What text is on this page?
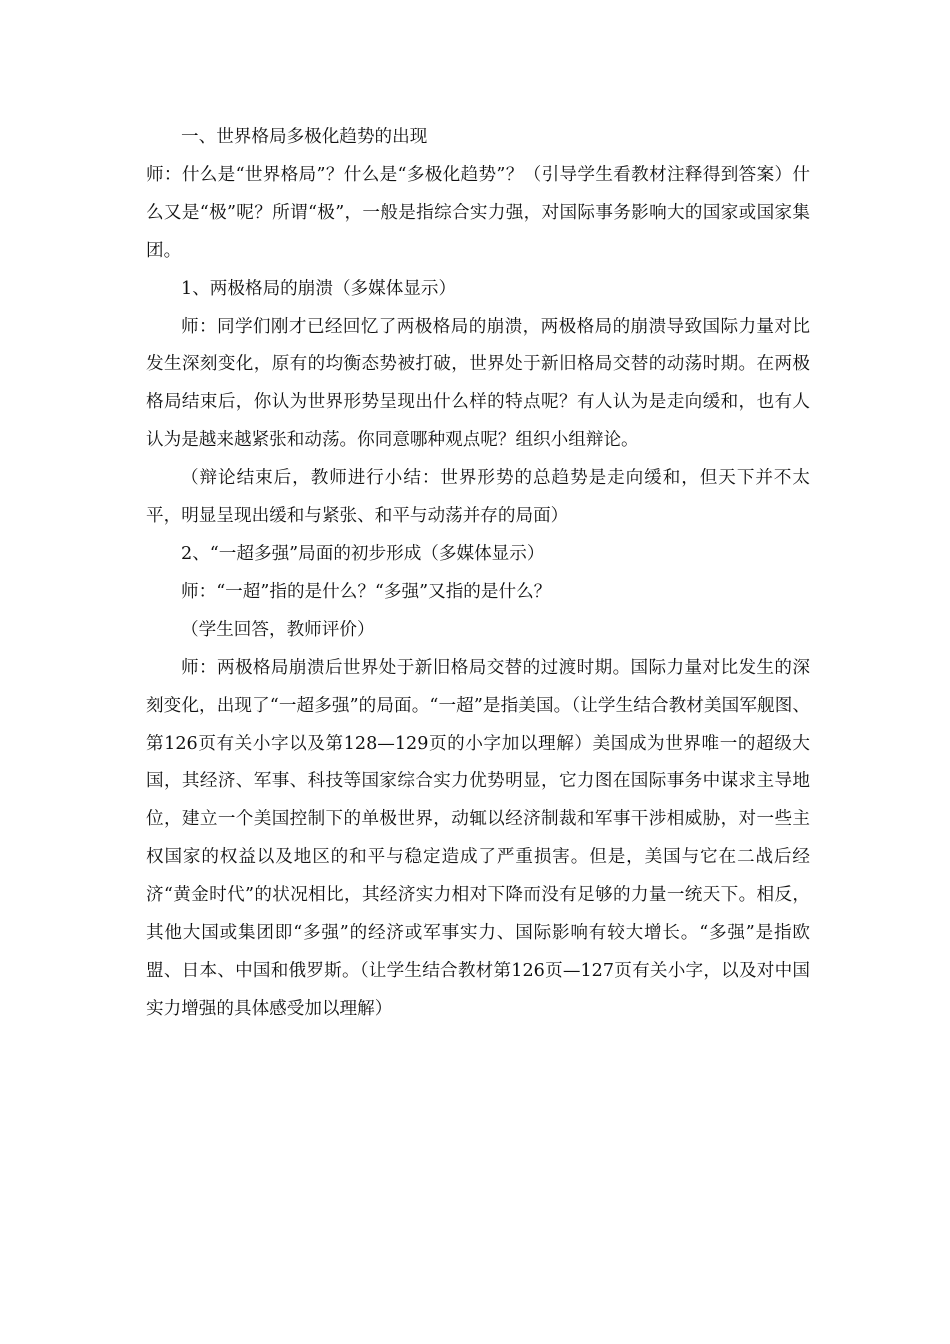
一、世界格局多极化趋势的出现

师：什么是“世界格局”？什么是“多极化趋势”？（引导学生看教材注释得到答案）什么又是“极”呢？所谓“极”，一般是指综合实力强，对国际事务影响大的国家或国家集团。

1、两极格局的崩溃（多媒体显示）

师：同学们刚才已经回忆了两极格局的崩溃，两极格局的崩溃导致国际力量对比发生深刻变化，原有的均衡态势被打破，世界处于新旧格局交替的动荡时期。在两极格局结束后，你认为世界形势呈现出什么样的特点呢？有人认为是走向缓和，也有人认为是越来越紧张和动荡。你同意哪种观点呢？组织小组辩论。

（辩论结束后，教师进行小结：世界形势的总趋势是走向缓和，但天下并不太平，明显呈现出缓和与紧张、和平与动荡并存的局面）

2、“一超多强”局面的初步形成（多媒体显示）

师：“一超”指的是什么？“多强”又指的是什么？

（学生回答，教师评价）

师：两极格局崩溃后世界处于新旧格局交替的过渡时期。国际力量对比发生的深刻变化，出现了“一超多强”的局面。“一超”是指美国。（让学生结合教材美国军舰图、第126页有关小字以及第128—129页的小字加以理解）美国成为世界唯一的超级大国，其经济、军事、科技等国家综合实力优势明显，它力图在国际事务中谋求主导地位，建立一个美国控制下的单极世界，动辄以经济制裁和军事干涉相威胁，对一些主权国家的权益以及地区的和平与稳定造成了严重损害。但是，美国与它在二战后经济“黄金时代”的状况相比，其经济实力相对下降而没有足够的力量一统天下。相反，其他大国或集团即“多强”的经济或军事实力、国际影响有较大增长。“多强”是指欧盟、日本、中国和俄罗斯。（让学生结合教材第126页—127页有关小字，以及对中国实力增强的具体感受加以理解）
